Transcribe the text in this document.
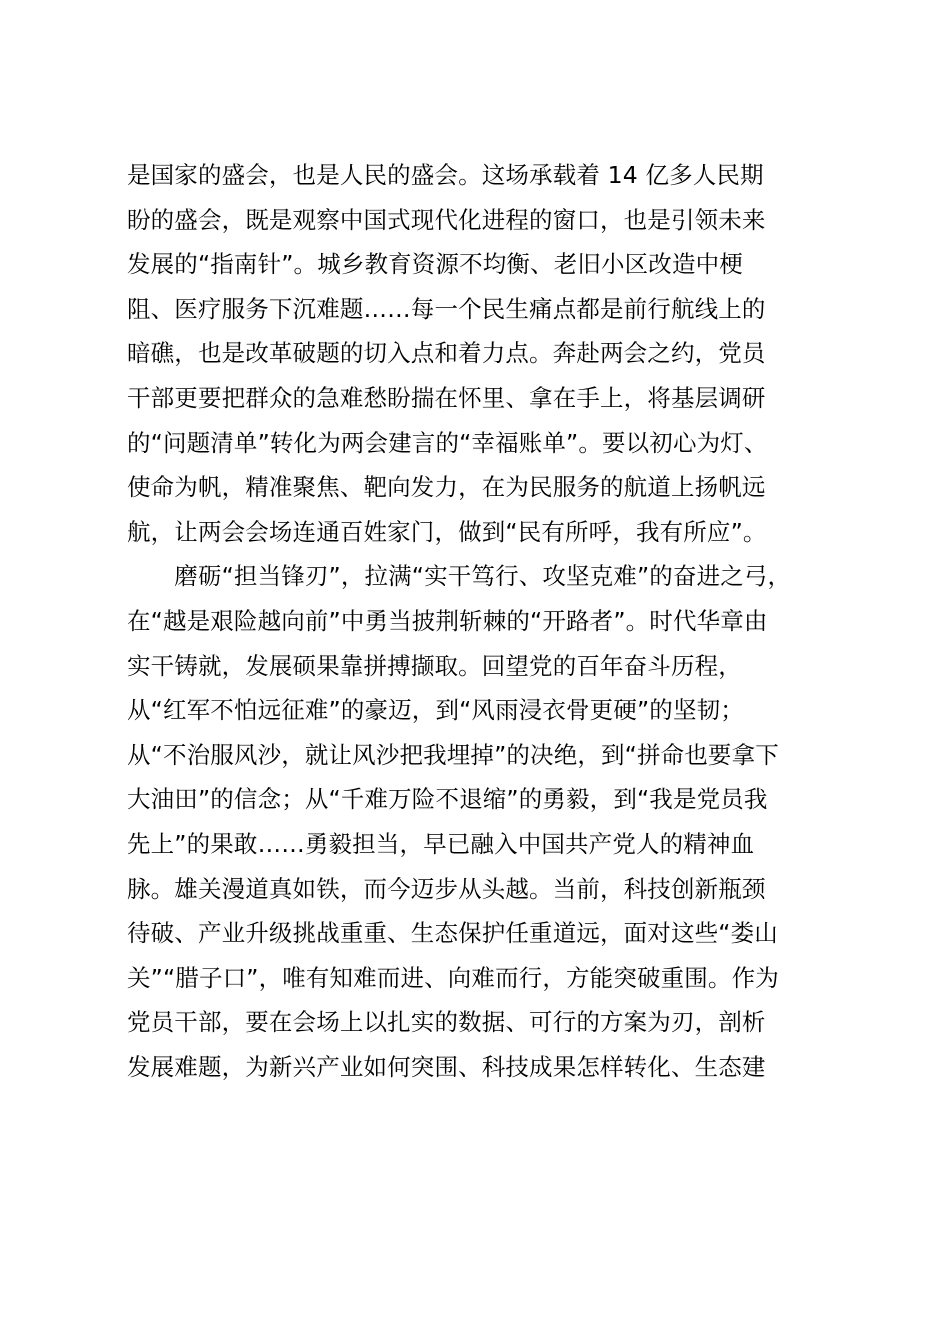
是国家的盛会，也是人民的盛会。这场承载着 14 亿多人民期
盼的盛会，既是观察中国式现代化进程的窗口，也是引领未来
发展的“指南针”。城乡教育资源不均衡、老旧小区改造中梗
阻、医疗服务下沉难题……每一个民生痛点都是前行航线上的
暗礁，也是改革破题的切入点和着力点。奔赴两会之约，党员
干部更要把群众的急难愁盼揣在怀里、拿在手上，将基层调研
的“问题清单”转化为两会建言的“幸福账单”。要以初心为灯、
使命为帆，精准聚焦、靶向发力，在为民服务的航道上扬帆远
航，让两会会场连通百姓家门，做到“民有所呼，我有所应”。
　　磨砺“担当锋刃”，拉满“实干笃行、攻坚克难”的奋进之弓，
在“越是艰险越向前”中勇当披荆斩棘的“开路者”。时代华章由
实干铸就，发展硕果靠拼搏撷取。回望党的百年奋斗历程，
从“红军不怕远征难”的豪迈，到“风雨浸衣骨更硬”的坚韧；
从“不治服风沙，就让风沙把我埋掉”的决绝，到“拼命也要拿下
大油田”的信念；从“千难万险不退缩”的勇毅，到“我是党员我
先上”的果敢……勇毅担当，早已融入中国共产党人的精神血
脉。雄关漫道真如铁，而今迈步从头越。当前，科技创新瓶颈
待破、产业升级挑战重重、生态保护任重道远，面对这些“娄山
关”“腊子口”，唯有知难而进、向难而行，方能突破重围。作为
党员干部，要在会场上以扎实的数据、可行的方案为刃，剖析
发展难题，为新兴产业如何突围、科技成果怎样转化、生态建
